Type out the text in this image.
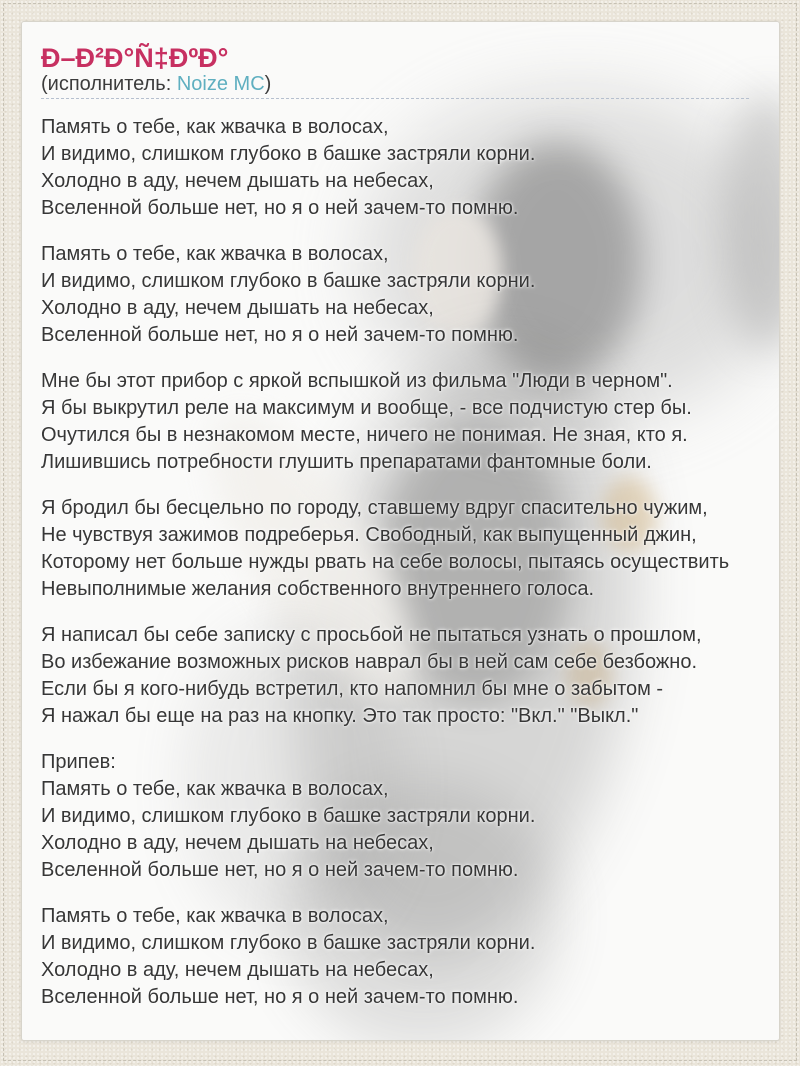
Ð–Ð²Ð°Ñ‡ÐºÐ°

(исполнитель: Noize MC)

Память о тебе, как жвачка в волосах,
И видимо, слишком глубоко в башке застряли корни.
Холодно в аду, нечем дышать на небесах,
Вселенной больше нет, но я о ней зачем-то помню.

Память о тебе, как жвачка в волосах,
И видимо, слишком глубоко в башке застряли корни.
Холодно в аду, нечем дышать на небесах,
Вселенной больше нет, но я о ней зачем-то помню.

Мне бы этот прибор с яркой вспышкой из фильма "Люди в черном".
Я бы выкрутил реле на максимум и вообще, - все подчистую стер бы.
Очутился бы в незнакомом месте, ничего не понимая. Не зная, кто я.
Лишившись потребности глушить препаратами фантомные боли.

Я бродил бы бесцельно по городу, ставшему вдруг спасительно чужим,
Не чувствуя зажимов подреберья. Свободный, как выпущенный джин,
Которому нет больше нужды рвать на себе волосы, пытаясь осуществить
Невыполнимые желания собственного внутреннего голоса.

Я написал бы себе записку с просьбой не пытаться узнать о прошлом,
Во избежание возможных рисков наврал бы в ней сам себе безбожно.
Если бы я кого-нибудь встретил, кто напомнил бы мне о забытом -
Я нажал бы еще на раз на кнопку. Это так просто: "Вкл." "Выкл."

Припев:
Память о тебе, как жвачка в волосах,
И видимо, слишком глубоко в башке застряли корни.
Холодно в аду, нечем дышать на небесах,
Вселенной больше нет, но я о ней зачем-то помню.

Память о тебе, как жвачка в волосах,
И видимо, слишком глубоко в башке застряли корни.
Холодно в аду, нечем дышать на небесах,
Вселенной больше нет, но я о ней зачем-то помню.
